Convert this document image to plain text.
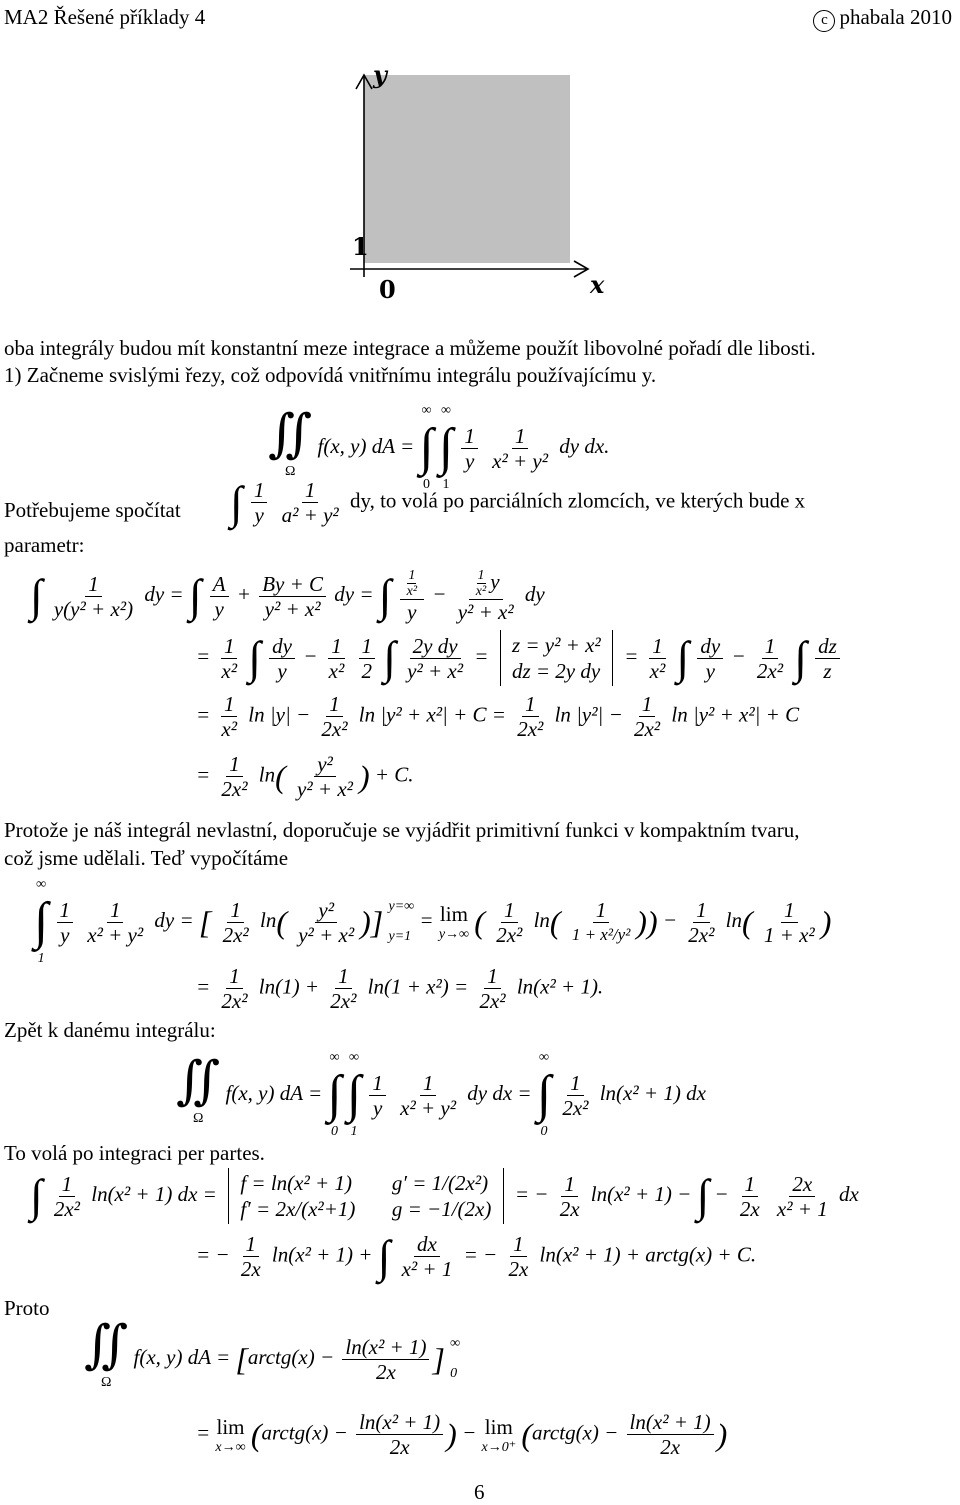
MA2 Řešené příklady 4	c phabala 2010
y
x
0
1
oba integrály budou mít konstantní meze integrace a můžeme použít libovolné pořadí dle libosti.
1) Začneme svislými řezy, což odpovídá vnitřnímu integrálu používajícímu y.
∬
Ω
f(x, y) dA =
∞
∫
0

∞
∫
1

$\frac{1}{y}$
$\frac{1}{\text{x² + y²}}$ dy dx.
Potřebujeme spočítat ∫ $\frac{1}{y}$
$\frac{1}{\text{a² + y²}}$ dy, to volá po parciálních zlomcích, ve kterých bude x
parametr:
∫ $\frac{1}{\text{y(y² + x²)}}$ dy = ∫ $\frac{A}{y} + \frac{By + C}{\text{y² + x²}}$ dy = ∫ $\frac{\frac{1}{\text{x²}}}{y} - \frac{\frac{1}{\text{x²}} y}{\text{y² + x²}}$ dy
= $\frac{1}{\text{x²}}$ ∫ $\frac{dy}{y} - \frac{1}{\text{x²}}$
$\frac{1}{2}$ ∫ $\frac{\text{2y dy}}{\text{y² + x²}} = z = y^2 + x^2$
dz = 2y dy
= $\frac{1}{\text{x²}}$ ∫ $\frac{dy}{y} - \frac{1}{\text{2x²}}$ ∫ $\frac{dz}{z}$
= $\frac{1}{\text{x²}}$ $\ln |y| - \frac{1}{\text{2x²}}$ $\ln |y^2 + x^2| + C = \frac{1}{\text{2x²}}$ $\ln |y^2| - \frac{1}{\text{2x²}}$ ln |y² + x²| + C
= $\frac{1}{\text{2x²}} \ln( \frac{\text{y²}}{\text{y² + x²}}$ ) + C.
Protože je náš integrál nevlastní, doporučuje se vyjádřit primitivní funkci v kompaktním tvaru,
což jsme udělali. Teď vypočítáme
∞
∫
1

$\frac{1}{y}$
$\frac{1}{\text{x² + y²}}$ dy = [ $\frac{1}{\text{2x²}} \ln( \frac{\text{y²}}{\text{y² + x²}}$ )] y=∞
y=1
= lim
y→∞ ( $\frac{1}{\text{2x²}} \ln( \frac{1}{\text{1 + x²/y²}}$ )) − $\frac{1}{\text{2x²}} \ln( \frac{1}{\text{1 + x²}}$ )
= $\frac{1}{\text{2x²}} \ln(1) + \frac{1}{\text{2x²}} \ln(1 + x^2) = \frac{1}{\text{2x²}} \ln(x^2 + 1)$.
Zpět k danému integrálu:
∬
Ω
f(x, y) dA =
∞
∫
0

∞
∫
1

$\frac{1}{y}$
$\frac{1}{\text{x² + y²}}$ dy dx =
∞
∫
0

$\frac{1}{\text{2x²}} \ln(x^2 + 1)$ dx
To volá po integraci per partes.
∫ $\frac{1}{\text{2x²}} \ln(x^2 + 1)$ dx = f = ln(x² + 1)
f′ = 2x/(x²+1)

g′ = 1/(2x²)
g = −1/(2x)
= − $\frac{1}{2x} \ln(x^2 + 1)$ − ∫ − $\frac{1}{2x}$
$\frac{2x}{\text{x² + 1}}$ dx
= − $\frac{1}{2x} \ln(x^2 + 1)$ + ∫ $\frac{dx}{\text{x² + 1}}$ = − $\frac{1}{2x} \ln(x^2 + 1)$ + arctg(x) + C.
Proto
∬
Ω
f(x, y) dA = [arctg(x) − $\frac{\text{ln(x² + 1)}}{2x}$ ] ∞
0
= lim
x→∞ (arctg(x) − $\frac{\text{ln(x² + 1)}}{2x}$ ) − lim
x→0⁺ (arctg(x) − $\frac{\text{ln(x² + 1)}}{2x}$ )
6
